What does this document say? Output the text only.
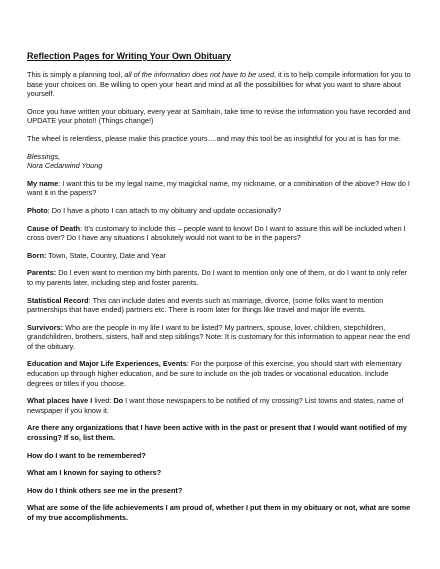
Reflection Pages for Writing Your Own Obituary

This is simply a planning tool, all of the information does not have to be used, it is to help compile information for you to base your choices on. Be willing to open your heart and mind at all the possibilities for what you want to share about yourself.

Once you have written your obituary, every year at Samhain, take time to revise the information you have recorded and UPDATE your photo!! (Things change!)

The wheel is relentless, please make this practice yours….and may this tool be as insightful for you at is has for me.

Blessings,
Nora Cedarwind Young

My name: I want this to be my legal name, my magickal name, my nickname, or a combination of the above? How do I want it in the papers?

Photo: Do I have a photo I can attach to my obituary and update occasionally?

Cause of Death: It’s customary to include this – people want to know! Do I want to assure this will be included when I cross over? Do I have any situations I absolutely would not want to be in the papers?

Born: Town, State, Country, Date and Year

Parents: Do I even want to mention my birth parents. Do I want to mention only one of them, or do I want to only refer to my parents later, including step and foster parents.

Statistical Record: This can include dates and events such as marriage, divorce, (some folks want to mention partnerships that have ended) partners etc. There is room later for things like travel and major life events.

Survivors: Who are the people in my life I want to be listed? My partners, spouse, lover, children, stepchildren, grandchildren, brothers, sisters, half and step siblings? Note: It is customary for this information to appear near the end of the obituary.

Education and Major Life Experiences, Events: For the purpose of this exercise, you should start with elementary education up through higher education, and be sure to include on the job trades or vocational education. Include degrees or titles if you choose.

What places have I lived: Do I want those newspapers to be notified of my crossing? List towns and states, name of newspaper if you know it.

Are there any organizations that I have been active with in the past or present that I would want notified of my crossing? If so, list them.

How do I want to be remembered?

What am I known for saying to others?

How do I think others see me in the present?

What are some of the life achievements I am proud of, whether I put them in my obituary or not, what are some of my true accomplishments.
